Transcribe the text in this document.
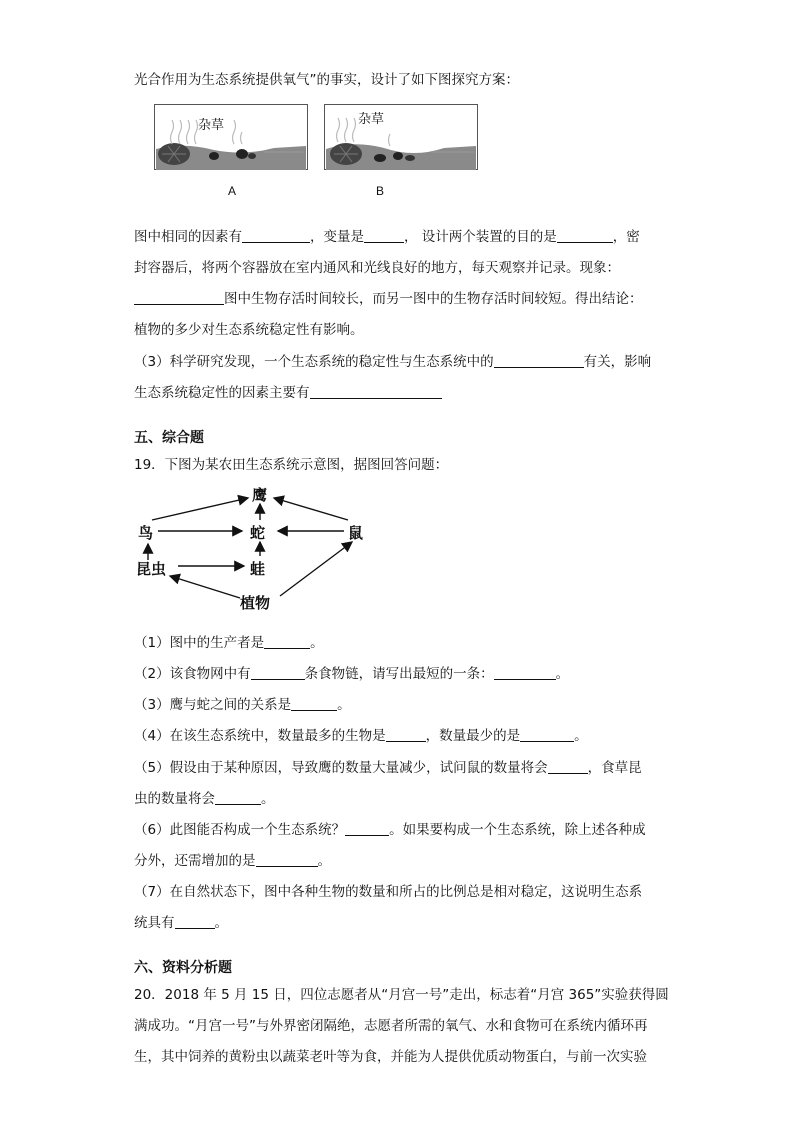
光合作用为生态系统提供氧气”的事实，设计了如下图探究方案：
杂草
A
杂草
B
图中相同的因素有	，变量是	， 设计两个装置的目的是	，密
封容器后，将两个容器放在室内通风和光线良好的地方，每天观察并记录。现象：
图中生物存活时间较长，而另一图中的生物存活时间较短。得出结论：
植物的多少对生态系统稳定性有影响。
（3）科学研究发现，一个生态系统的稳定性与生态系统中的	有关，影响
生态系统稳定性的因素主要有
五、综合题
19．下图为某农田生态系统示意图，据图回答问题：
鹰
鸟	蛇	鼠
昆虫	蛙
植物
（1）图中的生产者是	。
（2）该食物网中有	条食物链，请写出最短的一条：	。
（3）鹰与蛇之间的关系是	。
（4）在该生态系统中，数量最多的生物是	，数量最少的是	。
（5）假设由于某种原因，导致鹰的数量大量减少，试问鼠的数量将会	，食草昆
虫的数量将会	。
（6）此图能否构成一个生态系统？	。如果要构成一个生态系统，除上述各种成
分外，还需增加的是	。
（7）在自然状态下，图中各种生物的数量和所占的比例总是相对稳定，这说明生态系
统具有	。
六、资料分析题
20．2018 年 5 月 15 日，四位志愿者从“月宫一号”走出，标志着“月宫 365”实验获得圆
满成功。“月宫一号”与外界密闭隔绝，志愿者所需的氧气、水和食物可在系统内循环再
生，其中饲养的黄粉虫以蔬菜老叶等为食，并能为人提供优质动物蛋白，与前一次实验
